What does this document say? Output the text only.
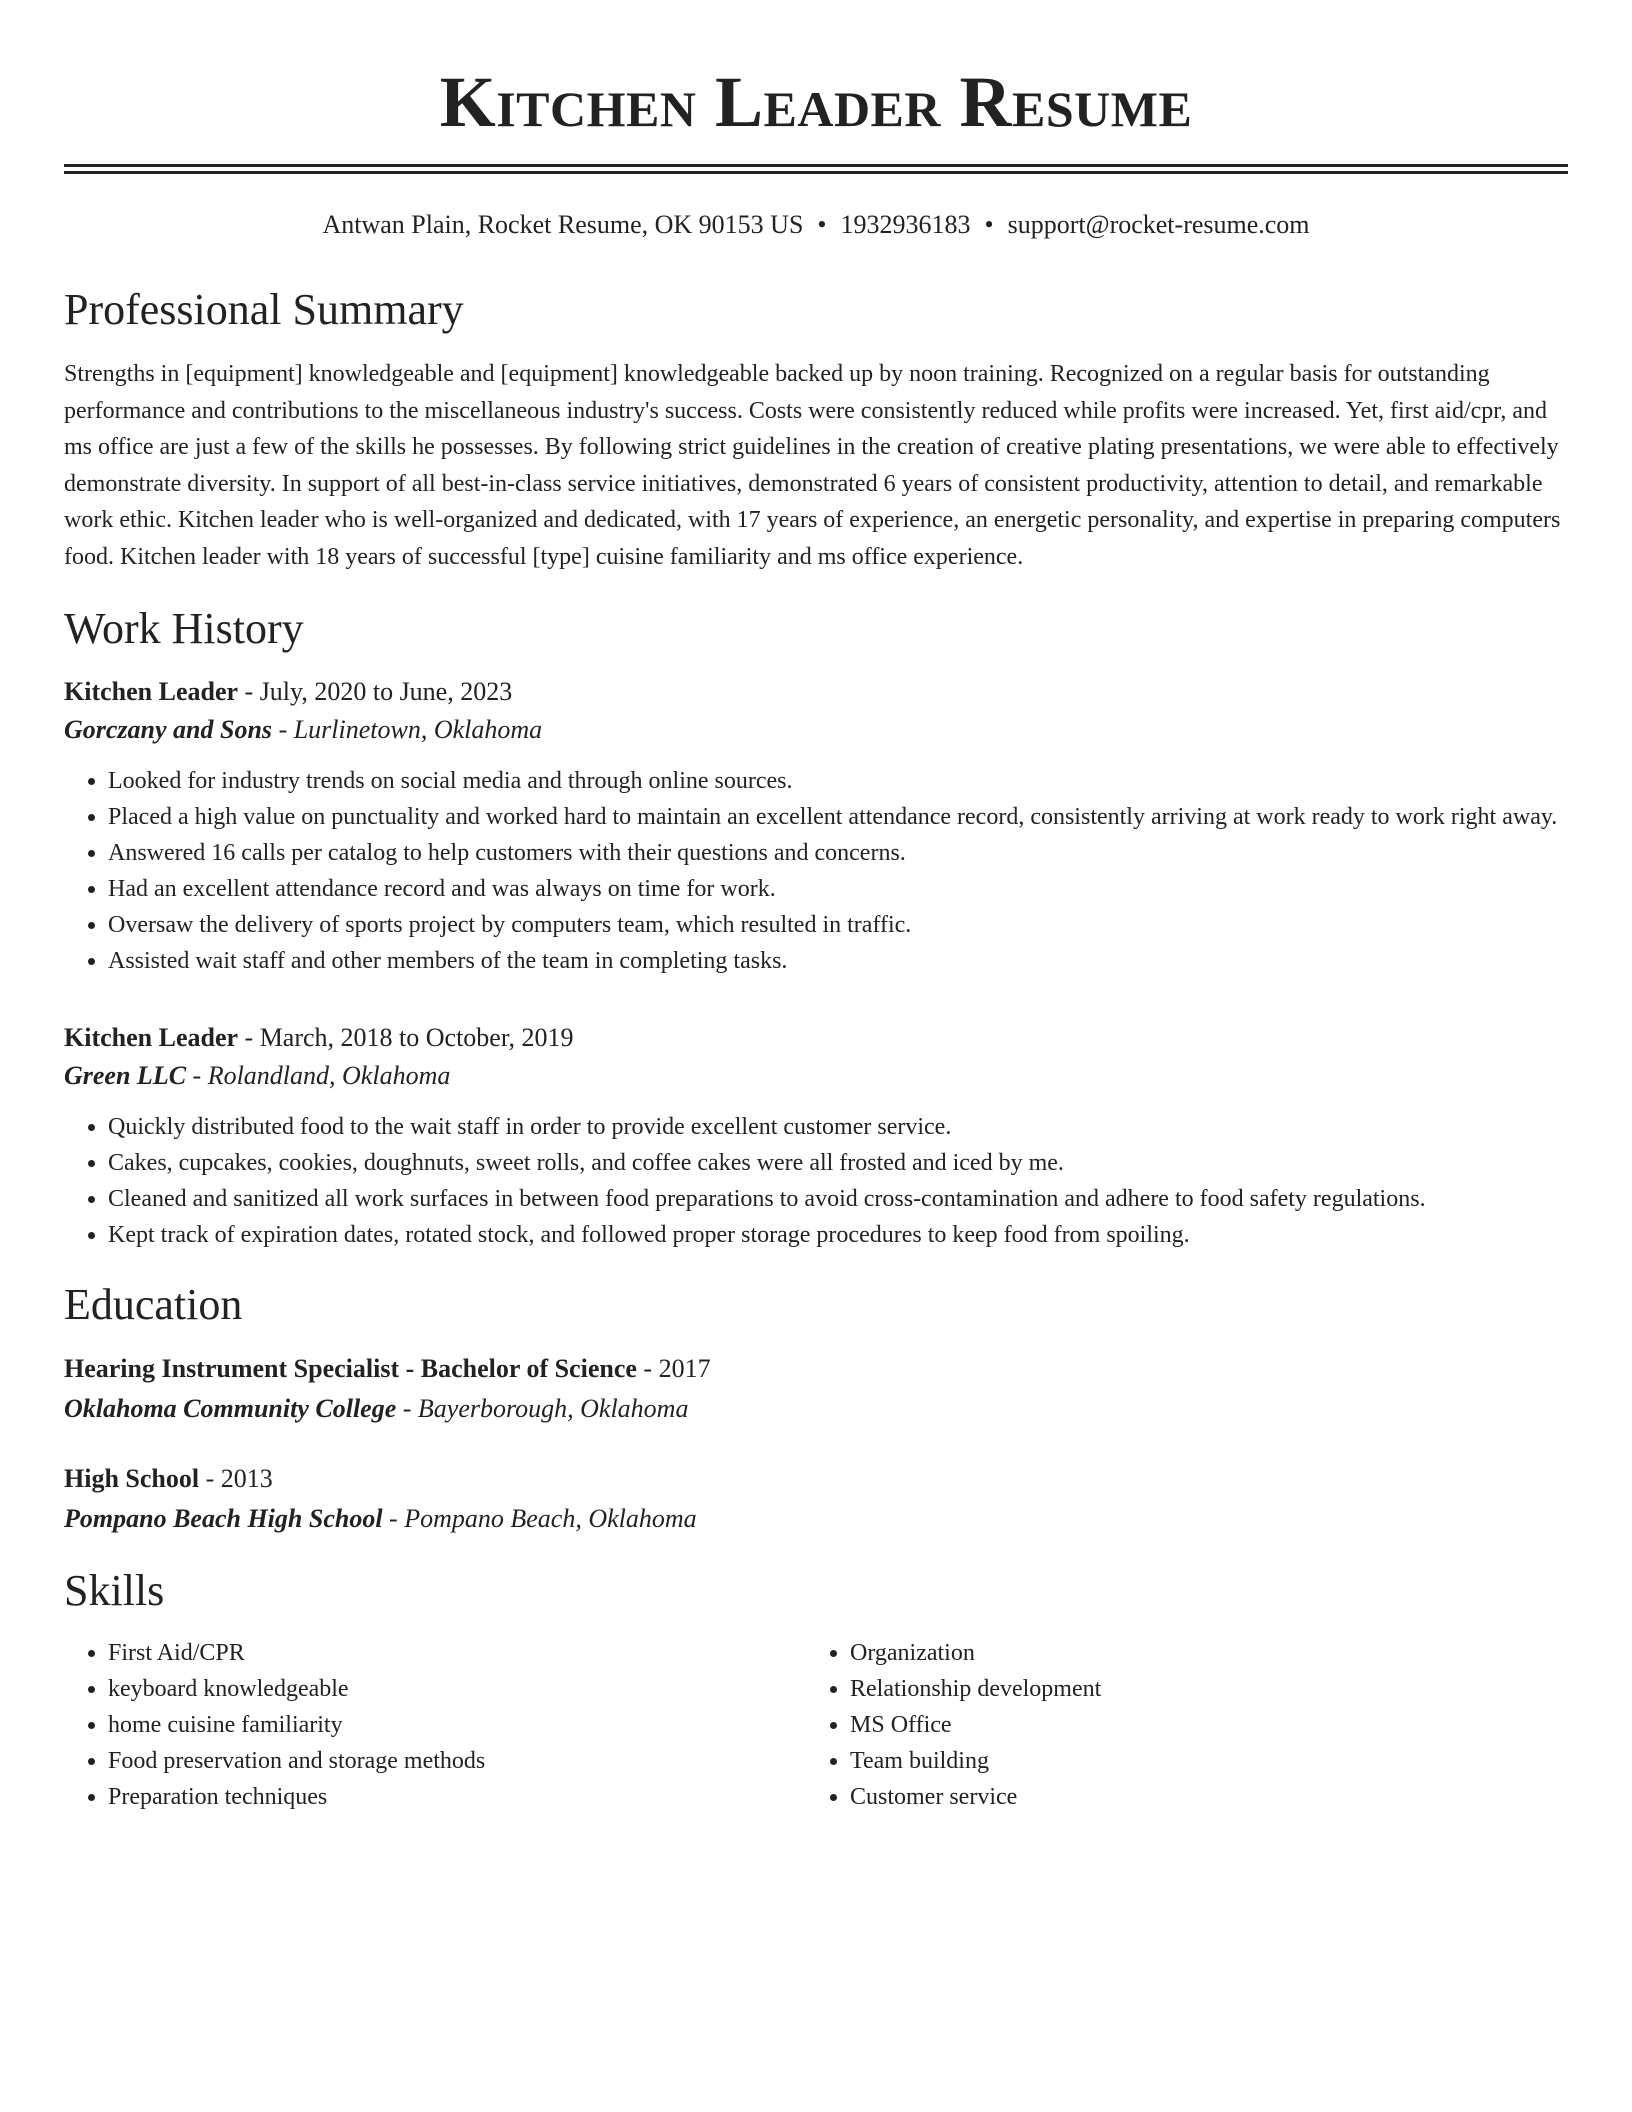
Kitchen Leader Resume
Antwan Plain, Rocket Resume, OK 90153 US • 1932936183 • support@rocket-resume.com
Professional Summary

Strengths in [equipment] knowledgeable and [equipment] knowledgeable backed up by noon training. Recognized on a regular basis for outstanding performance and contributions to the miscellaneous industry's success. Costs were consistently reduced while profits were increased. Yet, first aid/cpr, and ms office are just a few of the skills he possesses. By following strict guidelines in the creation of creative plating presentations, we were able to effectively demonstrate diversity. In support of all best-in-class service initiatives, demonstrated 6 years of consistent productivity, attention to detail, and remarkable work ethic. Kitchen leader who is well-organized and dedicated, with 17 years of experience, an energetic personality, and expertise in preparing computers food. Kitchen leader with 18 years of successful [type] cuisine familiarity and ms office experience.

Work History
Kitchen Leader - July, 2020 to June, 2023
Gorczany and Sons - Lurlinetown, Oklahoma
• Looked for industry trends on social media and through online sources.
• Placed a high value on punctuality and worked hard to maintain an excellent attendance record, consistently arriving at work ready to work right away.
• Answered 16 calls per catalog to help customers with their questions and concerns.
• Had an excellent attendance record and was always on time for work.
• Oversaw the delivery of sports project by computers team, which resulted in traffic.
• Assisted wait staff and other members of the team in completing tasks.
Kitchen Leader - March, 2018 to October, 2019
Green LLC - Rolandland, Oklahoma
• Quickly distributed food to the wait staff in order to provide excellent customer service.
• Cakes, cupcakes, cookies, doughnuts, sweet rolls, and coffee cakes were all frosted and iced by me.
• Cleaned and sanitized all work surfaces in between food preparations to avoid cross-contamination and adhere to food safety regulations.
• Kept track of expiration dates, rotated stock, and followed proper storage procedures to keep food from spoiling.
Education
Hearing Instrument Specialist - Bachelor of Science - 2017
Oklahoma Community College - Bayerborough, Oklahoma
High School - 2013
Pompano Beach High School - Pompano Beach, Oklahoma
Skills
• First Aid/CPR
• keyboard knowledgeable
• home cuisine familiarity
• Food preservation and storage methods
• Preparation techniques
• Organization
• Relationship development
• MS Office
• Team building
• Customer service
